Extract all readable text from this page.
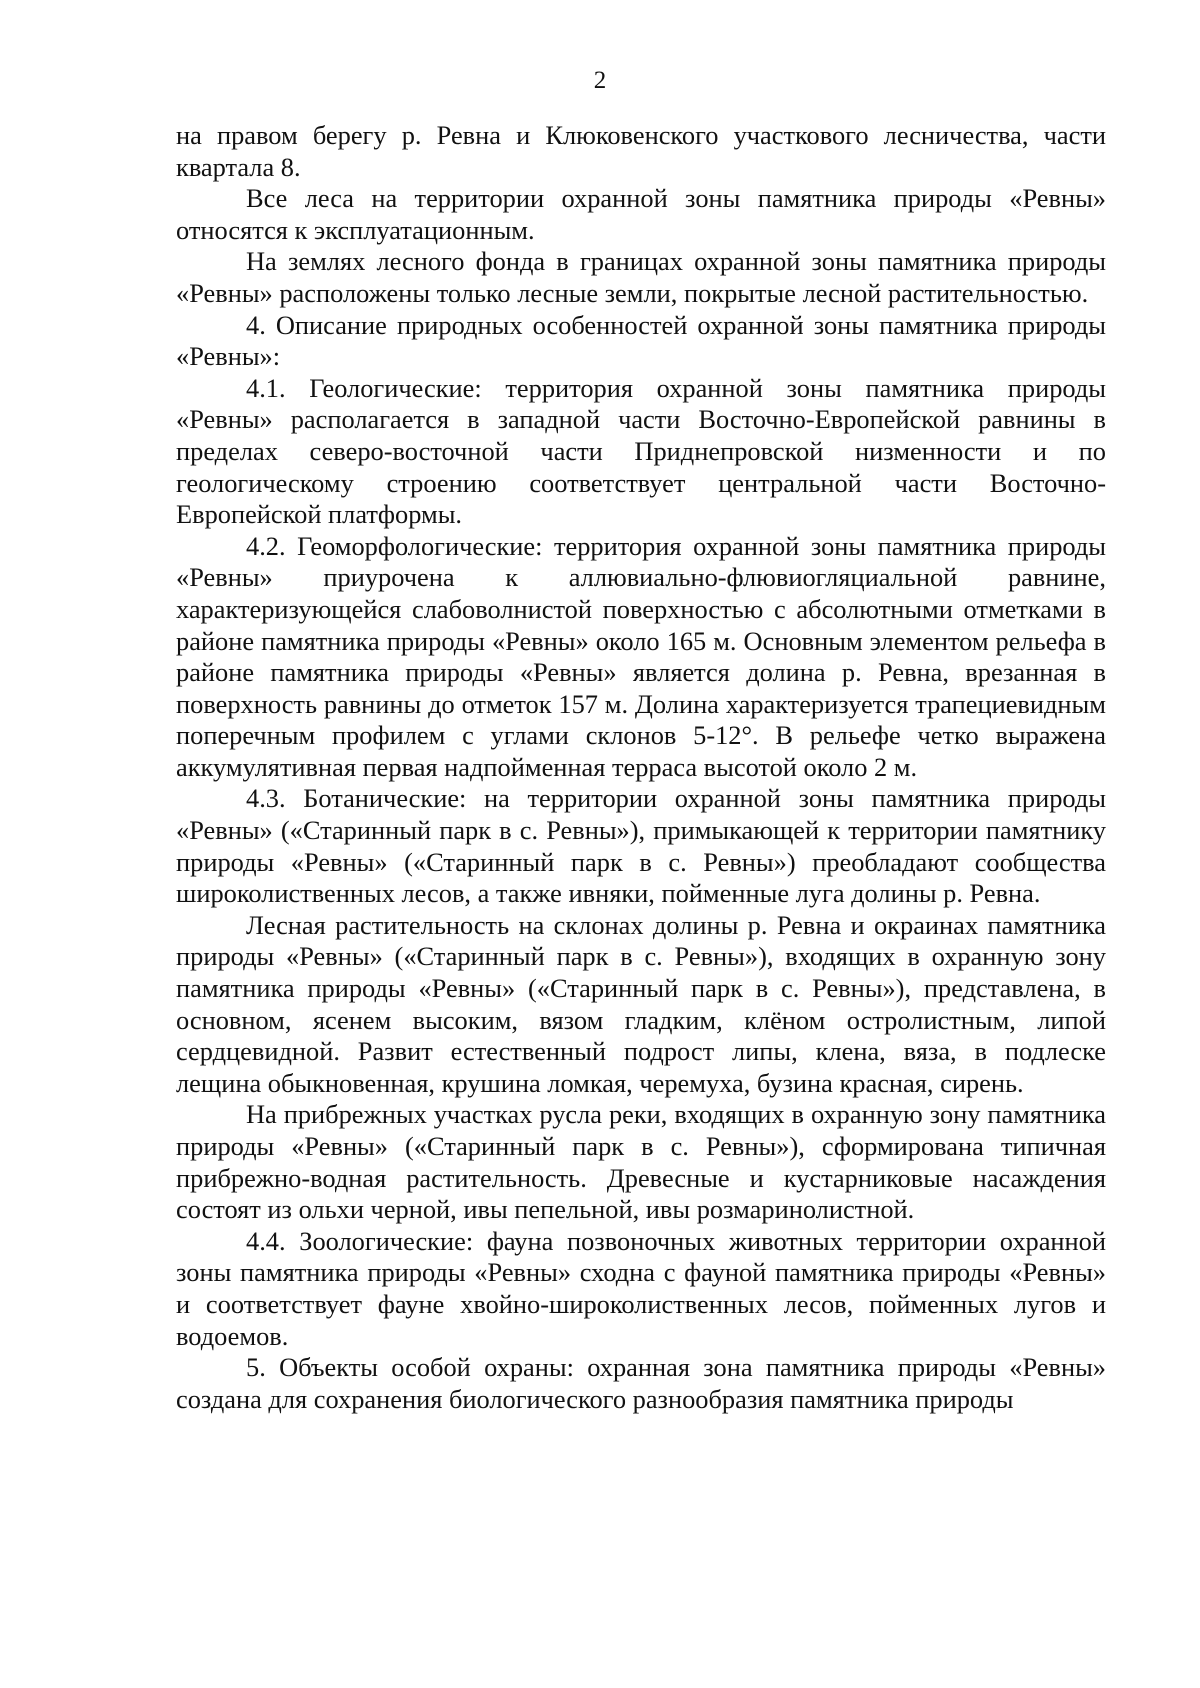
2

на правом берегу р. Ревна и Клюковенского участкового лесничества, части квартала 8.

Все леса на территории охранной зоны памятника природы «Ревны» относятся к эксплуатационным.

На землях лесного фонда в границах охранной зоны памятника природы «Ревны» расположены только лесные земли, покрытые лесной растительностью.

4. Описание природных особенностей охранной зоны памятника природы «Ревны»:

4.1. Геологические: территория охранной зоны памятника природы «Ревны» располагается в западной части Восточно-Европейской равнины в пределах северо-восточной части Приднепровской низменности и по геологическому строению соответствует центральной части Восточно-Европейской платформы.

4.2. Геоморфологические: территория охранной зоны памятника природы «Ревны» приурочена к аллювиально-флювиогляциальной равнине, характеризующейся слабоволнистой поверхностью с абсолютными отметками в районе памятника природы «Ревны» около 165 м. Основным элементом рельефа в районе памятника природы «Ревны» является долина р. Ревна, врезанная в поверхность равнины до отметок 157 м. Долина характеризуется трапециевидным поперечным профилем с углами склонов 5-12°. В рельефе четко выражена аккумулятивная первая надпойменная терраса высотой около 2 м.

4.3. Ботанические: на территории охранной зоны памятника природы «Ревны» («Старинный парк в с. Ревны»), примыкающей к территории памятнику природы «Ревны» («Старинный парк в с. Ревны») преобладают сообщества широколиственных лесов, а также ивняки, пойменные луга долины р. Ревна.

Лесная растительность на склонах долины р. Ревна и окраинах памятника природы «Ревны» («Старинный парк в с. Ревны»), входящих в охранную зону памятника природы «Ревны» («Старинный парк в с. Ревны»), представлена, в основном, ясенем высоким, вязом гладким, клёном остролистным, липой сердцевидной. Развит естественный подрост липы, клена, вяза, в подлеске лещина обыкновенная, крушина ломкая, черемуха, бузина красная, сирень.

На прибрежных участках русла реки, входящих в охранную зону памятника природы «Ревны» («Старинный парк в с. Ревны»), сформирована типичная прибрежно-водная растительность. Древесные и кустарниковые насаждения состоят из ольхи черной, ивы пепельной, ивы розмаринолистной.

4.4. Зоологические: фауна позвоночных животных территории охранной зоны памятника природы «Ревны» сходна с фауной памятника природы «Ревны» и соответствует фауне хвойно-широколиственных лесов, пойменных лугов и водоемов.

5. Объекты особой охраны: охранная зона памятника природы «Ревны» создана для сохранения биологического разнообразия памятника природы
